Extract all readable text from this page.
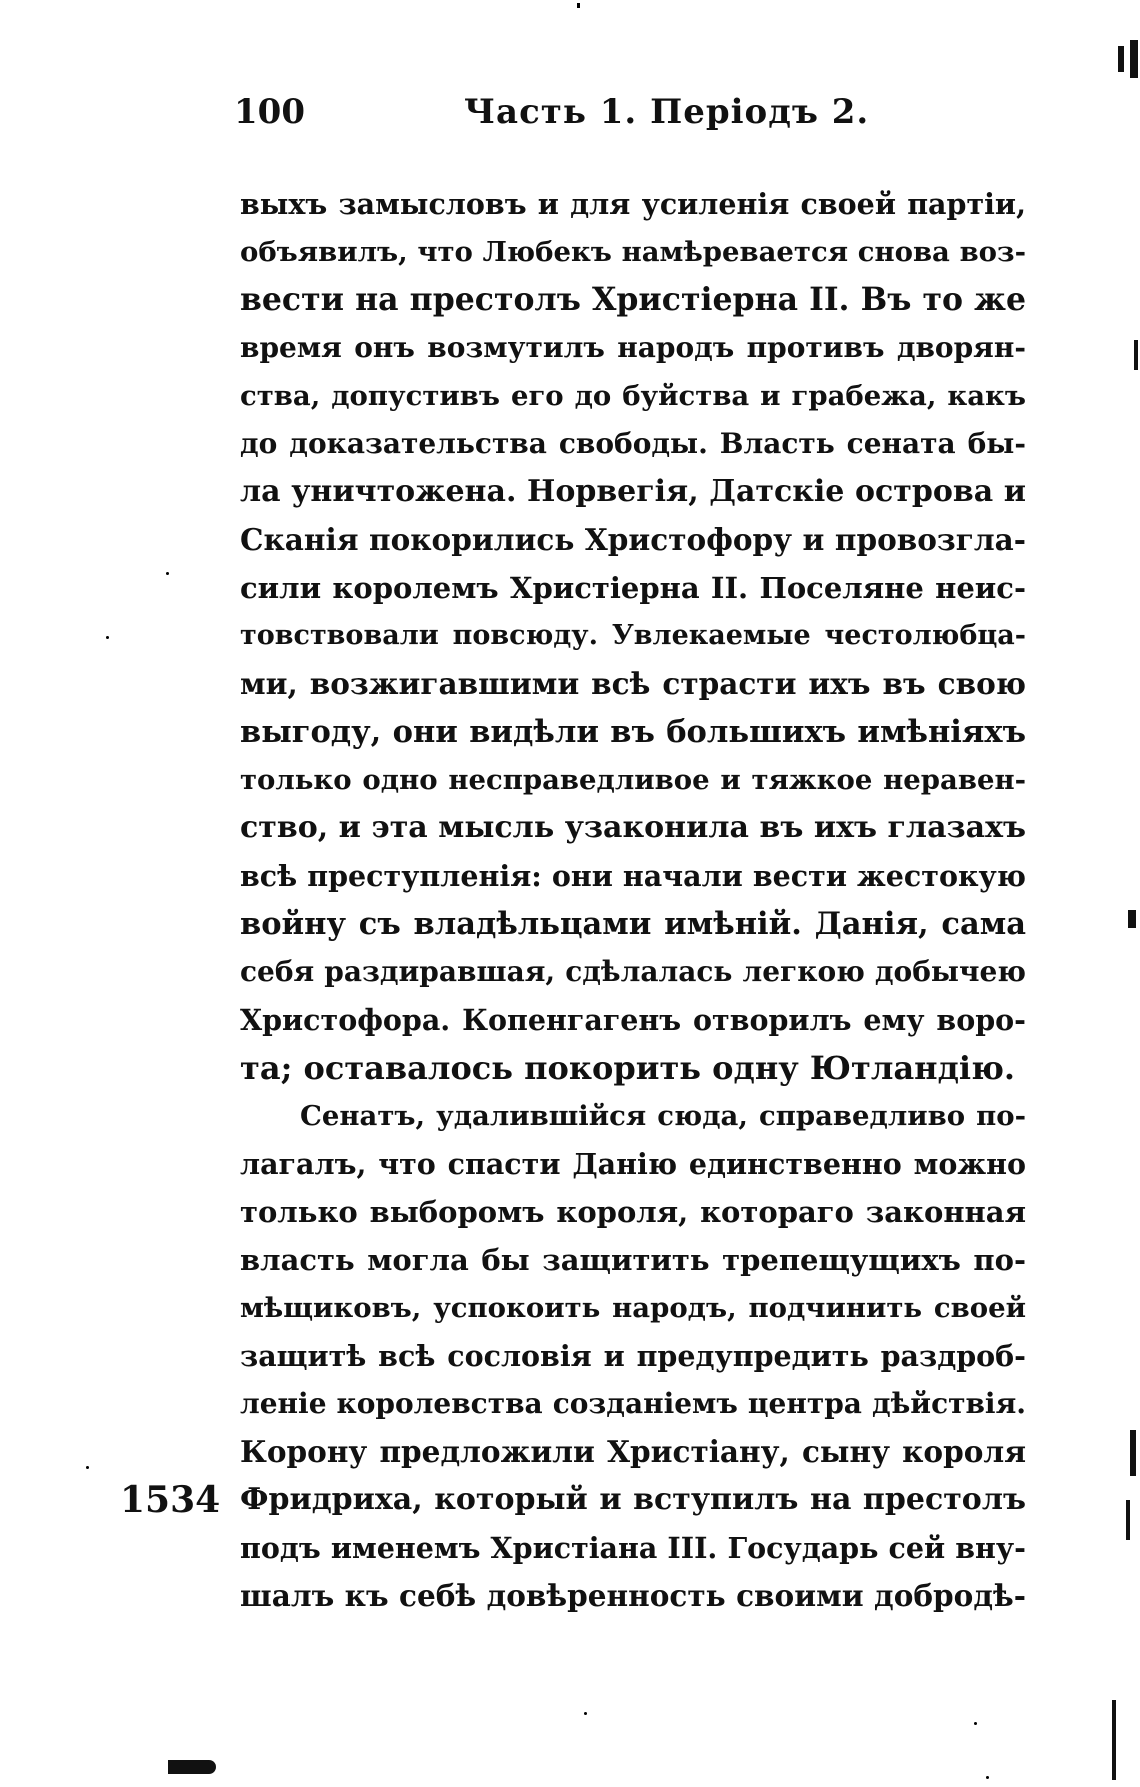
100	Часть 1. Періодъ 2.
выхъ замысловъ и для усиленія своей партіи,
объявилъ, что Любекъ намѣревается снова воз-
вести на престолъ Христіерна II. Въ то же
время онъ возмутилъ народъ противъ дворян-
ства, допустивъ его до буйства и грабежа, какъ
до доказательства свободы. Власть сената бы-
ла уничтожена. Норвегія, Датскіе острова и
Сканія покорились Христофору и провозгла-
сили королемъ Христіерна II. Поселяне неис-
товствовали повсюду. Увлекаемые честолюбца-
ми, возжигавшими всѣ страсти ихъ въ свою
выгоду, они видѣли въ большихъ имѣніяхъ
только одно несправедливое и тяжкое неравен-
ство, и эта мысль узаконила въ ихъ глазахъ
всѣ преступленія: они начали вести жестокую
войну съ владѣльцами имѣній. Данія, сама
себя раздиравшая, сдѣлалась легкою добычею
Христофора. Копенгагенъ отворилъ ему воро-
та; оставалось покорить одну Ютландію.
Сенатъ, удалившійся сюда, справедливо по-
лагалъ, что спасти Данію единственно можно
только выборомъ короля, котораго законная
власть могла бы защитить трепещущихъ по-
мѣщиковъ, успокоить народъ, подчинить своей
защитѣ всѣ сословія и предупредить раздроб-
леніе королевства созданіемъ центра дѣйствія.
Корону предложили Христіану, сыну короля
Фридриха, который и вступилъ на престолъ
подъ именемъ Христіана III. Государь сей вну-
шалъ къ себѣ довѣренность своими добродѣ-
1534
